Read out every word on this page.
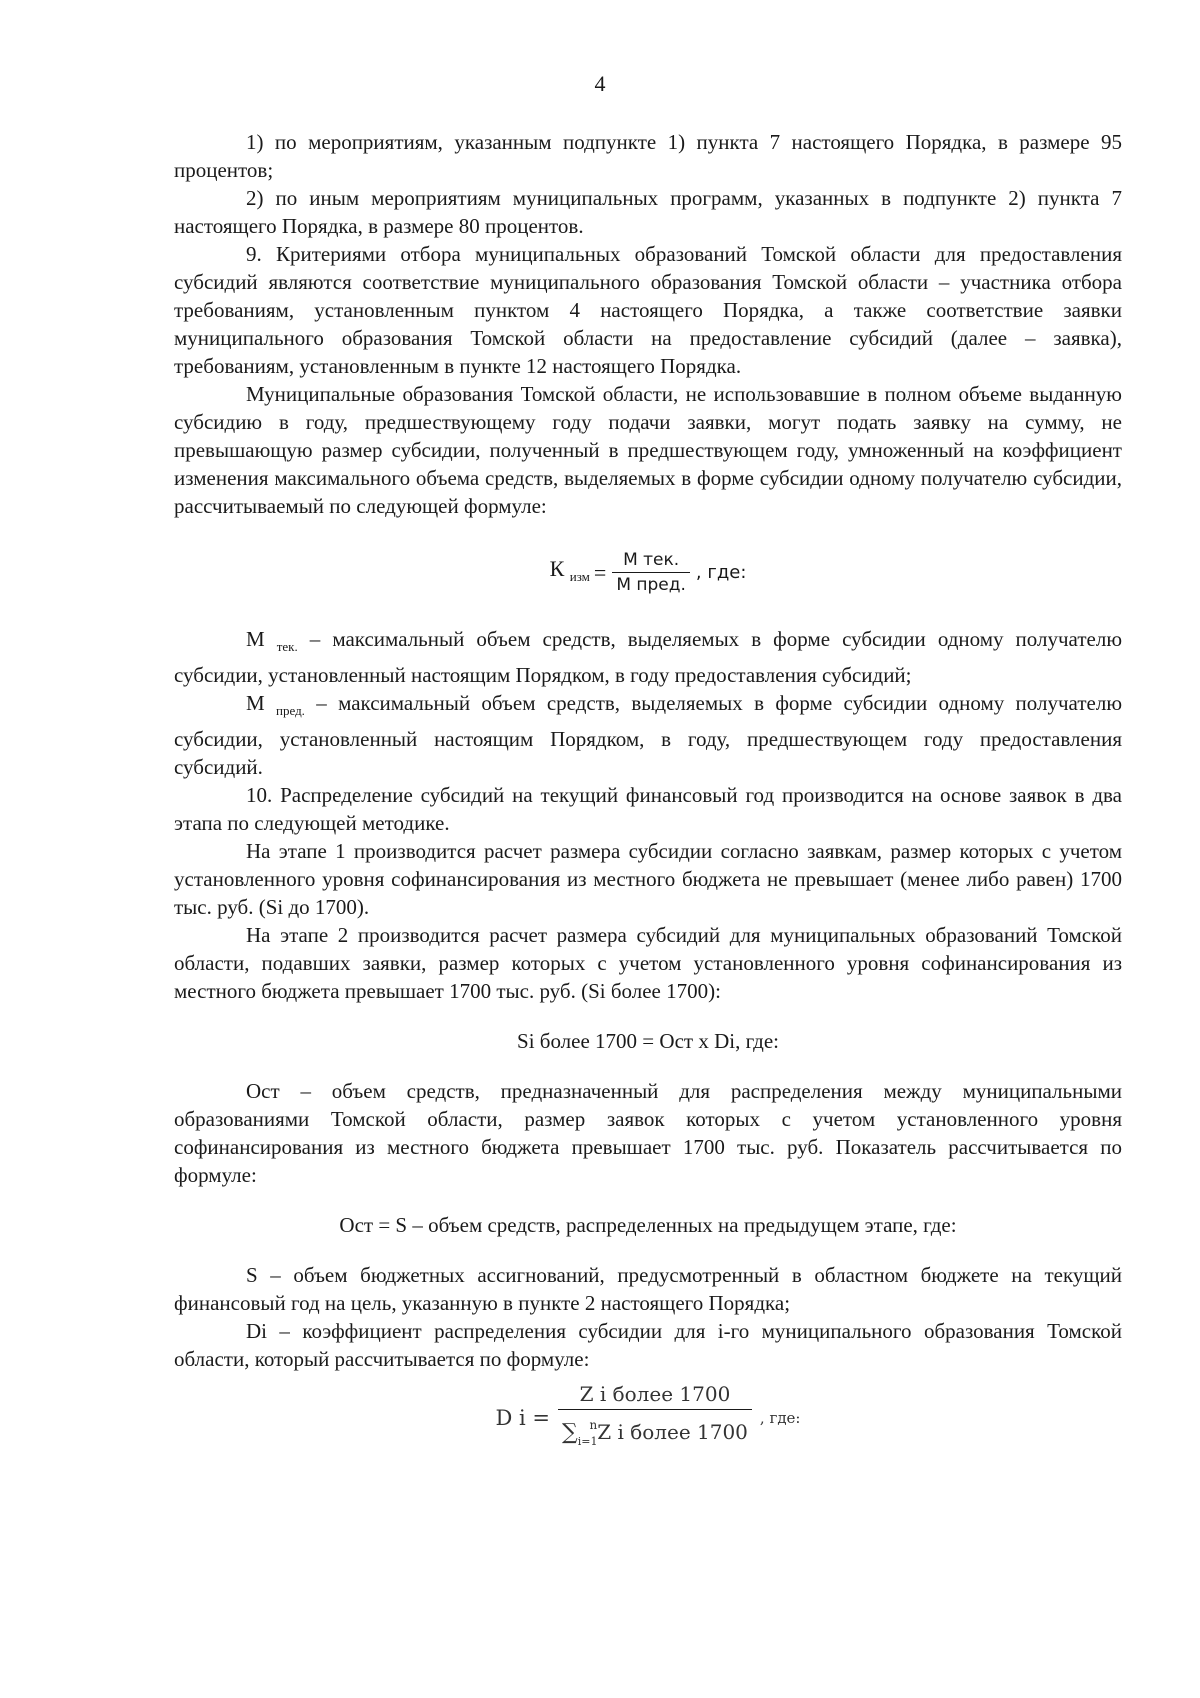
4

1) по мероприятиям, указанным подпункте 1) пункта 7 настоящего Порядка, в размере 95 процентов;

2) по иным мероприятиям муниципальных программ, указанных в подпункте 2) пункта 7 настоящего Порядка, в размере 80 процентов.

9. Критериями отбора муниципальных образований Томской области для предоставления субсидий являются соответствие муниципального образования Томской области – участника отбора требованиям, установленным пунктом 4 настоящего Порядка, а также соответствие заявки муниципального образования Томской области на предоставление субсидий (далее – заявка), требованиям, установленным в пункте 12 настоящего Порядка.

Муниципальные образования Томской области, не использовавшие в полном объеме выданную субсидию в году, предшествующему году подачи заявки, могут подать заявку на сумму, не превышающую размер субсидии, полученный в предшествующем году, умноженный на коэффициент изменения максимального объема средств, выделяемых в форме субсидии одному получателю субсидии, рассчитываемый по следующей формуле:

К $_{изм} = \frac{\text{М тек.}}{\text{М пред.}}$ , где:

М $_{тек.}$ – максимальный объем средств, выделяемых в форме субсидии одному получателю субсидии, установленный настоящим Порядком, в году предоставления субсидий;

М $_{пред.}$ – максимальный объем средств, выделяемых в форме субсидии одному получателю субсидии, установленный настоящим Порядком, в году, предшествующем году предоставления субсидий.

10. Распределение субсидий на текущий финансовый год производится на основе заявок в два этапа по следующей методике.

На этапе 1 производится расчет размера субсидии согласно заявкам, размер которых с учетом установленного уровня софинансирования из местного бюджета не превышает (менее либо равен) 1700 тыс. руб. (Si до 1700).

На этапе 2 производится расчет размера субсидий для муниципальных образований Томской области, подавших заявки, размер которых с учетом установленного уровня софинансирования из местного бюджета превышает 1700 тыс. руб. (Si более 1700):

Si более 1700 = Ост х Di, где:

Ост – объем средств, предназначенный для распределения между муниципальными образованиями Томской области, размер заявок которых с учетом установленного уровня софинансирования из местного бюджета превышает 1700 тыс. руб. Показатель рассчитывается по формуле:

Ост = S – объем средств, распределенных на предыдущем этапе, где:

S – объем бюджетных ассигнований, предусмотренный в областном бюджете на текущий финансовый год на цель, указанную в пункте 2 настоящего Порядка;

Di – коэффициент распределения субсидии для i-го муниципального образования Томской области, который рассчитывается по формуле:

D $i = \frac{\text{Z i более 1700}}{\sum_{i=1}^nZ i более 1700}$ , где:
